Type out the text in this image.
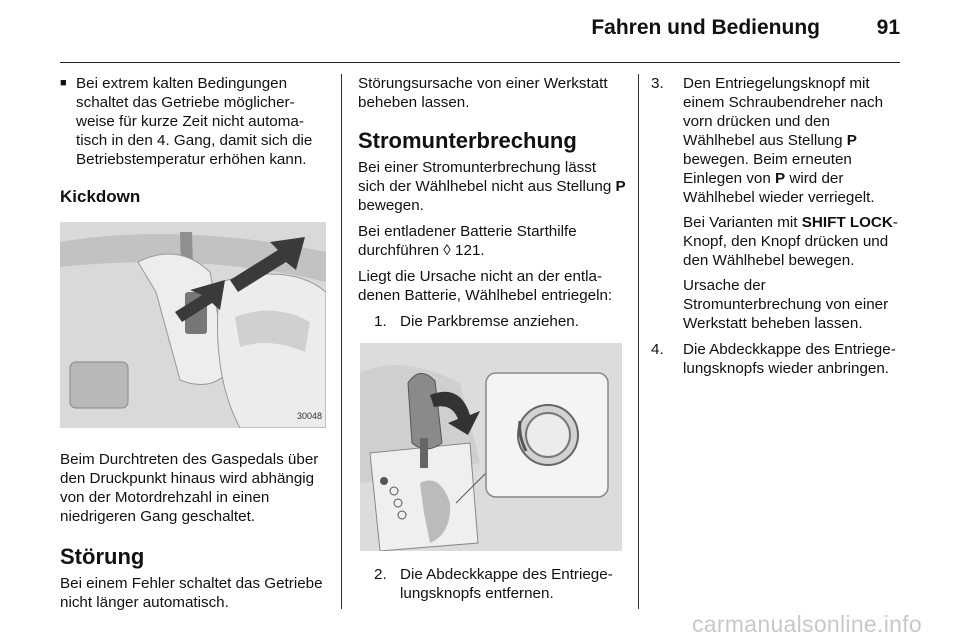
Fahren und Bedienung	91
■ Bei extrem kalten Bedingungen schaltet das Getriebe möglicherweise für kurze Zeit nicht automatisch in den 4. Gang, damit sich die Betriebstemperatur erhöhen kann.
Kickdown
30048

Beim Durchtreten des Gaspedals über den Druckpunkt hinaus wird abhängig von der Motordrehzahl in einen niedrigeren Gang geschaltet.

Störung

Bei einem Fehler schaltet das Getriebe nicht länger automatisch.

Störungsursache von einer Werkstatt beheben lassen.

Stromunterbrechung

Bei einer Stromunterbrechung lässt sich der Wählhebel nicht aus Stellung P bewegen.

Bei entladener Batterie Starthilfe durchführen ◊ 121.

Liegt die Ursache nicht an der entladenen Batterie, Wählhebel entriegeln:

1. Die Parkbremse anziehen.
2. Die Abdeckkappe des Entriegelungsknopfs entfernen.
3. Den Entriegelungsknopf mit einem Schraubendreher nach vorn drücken und den Wählhebel aus Stellung P bewegen. Beim erneuten Einlegen von P wird der Wählhebel wieder verriegelt.

Bei Varianten mit SHIFT LOCK-Knopf, den Knopf drücken und den Wählhebel bewegen.

Ursache der Stromunterbrechung von einer Werkstatt beheben lassen.

4. Die Abdeckkappe des Entriegelungsknopfs wieder anbringen.
carmanualsonline.info
